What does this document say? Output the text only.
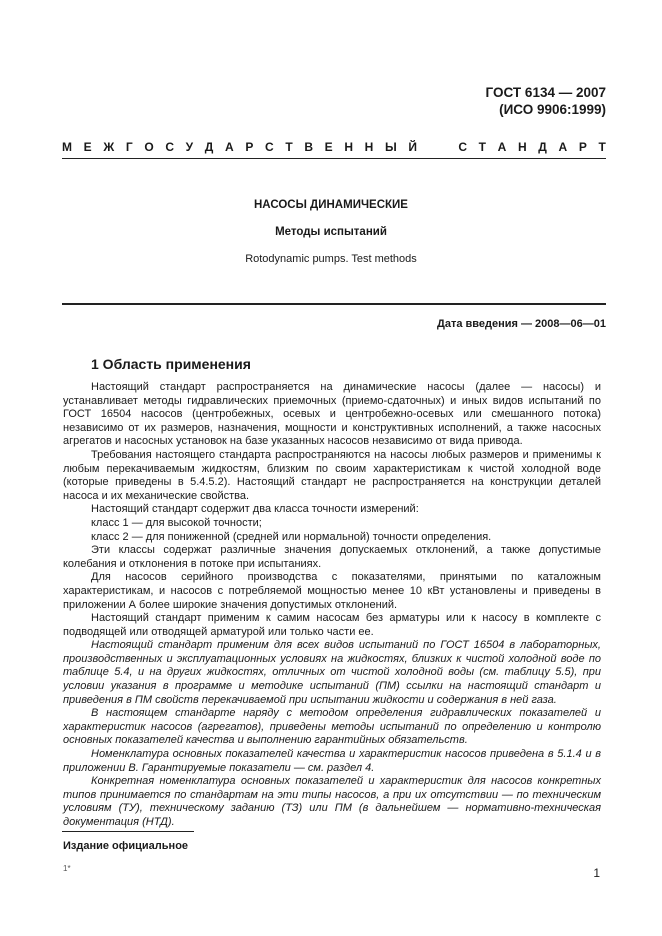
ГОСТ 6134 — 2007
(ИСО 9906:1999)
М Е Ж Г О С У Д А Р С Т В Е Н Н Ы Й	С Т А Н Д А Р Т
НАСОСЫ ДИНАМИЧЕСКИЕ
Методы испытаний
Rotodynamic pumps. Test methods
Дата введения — 2008—06—01
1 Область применения

Настоящий стандарт распространяется на динамические насосы (далее — насосы) и устанавливает методы гидравлических приемочных (приемо-сдаточных) и иных видов испытаний по ГОСТ 16504 насосов (центробежных, осевых и центробежно-осевых или смешанного потока) независимо от их размеров, назначения, мощности и конструктивных исполнений, а также насосных агрегатов и насосных установок на базе указанных насосов независимо от вида привода.

Требования настоящего стандарта распространяются на насосы любых размеров и применимы к любым перекачиваемым жидкостям, близким по своим характеристикам к чистой холодной воде (которые приведены в 5.4.5.2). Настоящий стандарт не распространяется на конструкции деталей насоса и их механические свойства.

Настоящий стандарт содержит два класса точности измерений:

класс 1 — для высокой точности;

класс 2 — для пониженной (средней или нормальной) точности определения.

Эти классы содержат различные значения допускаемых отклонений, а также допустимые колебания и отклонения в потоке при испытаниях.

Для насосов серийного производства с показателями, принятыми по каталожным характеристикам, и насосов с потребляемой мощностью менее 10 кВт установлены и приведены в приложении А более широкие значения допустимых отклонений.

Настоящий стандарт применим к самим насосам без арматуры или к насосу в комплекте с подводящей или отводящей арматурой или только части ее.

Настоящий стандарт применим для всех видов испытаний по ГОСТ 16504 в лабораторных, производственных и эксплуатационных условиях на жидкостях, близких к чистой холодной воде по таблице 5.4, и на других жидкостях, отличных от чистой холодной воды (см. таблицу 5.5), при условии указания в программе и методике испытаний (ПМ) ссылки на настоящий стандарт и приведения в ПМ свойств перекачиваемой при испытании жидкости и содержания в ней газа.

В настоящем стандарте наряду с методом определения гидравлических показателей и характеристик насосов (агрегатов), приведены методы испытаний по определению и контролю основных показателей качества и выполнению гарантийных обязательств.

Номенклатура основных показателей качества и характеристик насосов приведена в 5.1.4 и в приложении В. Гарантируемые показатели — см. раздел 4.

Конкретная номенклатура основных показателей и характеристик для насосов конкретных типов принимается по стандартам на эти типы насосов, а при их отсутствии — по техническим условиям (ТУ), техническому заданию (ТЗ) или ПМ (в дальнейшем — нормативно-техническая документация (НТД).

Издание официальное
1*	1
